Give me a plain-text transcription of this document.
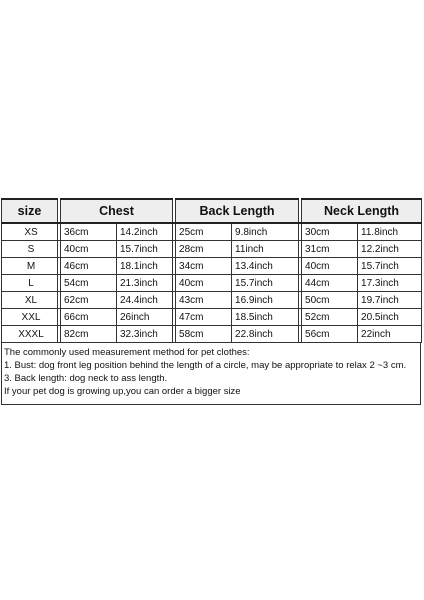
size		Chest			Back Length			Neck Length	
XS		36cm	14.2inch		25cm	9.8inch		30cm	11.8inch
S		40cm	15.7inch		28cm	11inch		31cm	12.2inch
M		46cm	18.1inch		34cm	13.4inch		40cm	15.7inch
L		54cm	21.3inch		40cm	15.7inch		44cm	17.3inch
XL		62cm	24.4inch		43cm	16.9inch		50cm	19.7inch
XXL		66cm	26inch		47cm	18.5inch		52cm	20.5inch
XXXL		82cm	32.3inch		58cm	22.8inch		56cm	22inch
The commonly used measurement method for pet clothes:
1. Bust: dog front leg position behind the length of a circle, may be appropriate to relax 2 ~3 cm.
3. Back length: dog neck to ass length.
If your pet dog is growing up,you can order a bigger size
